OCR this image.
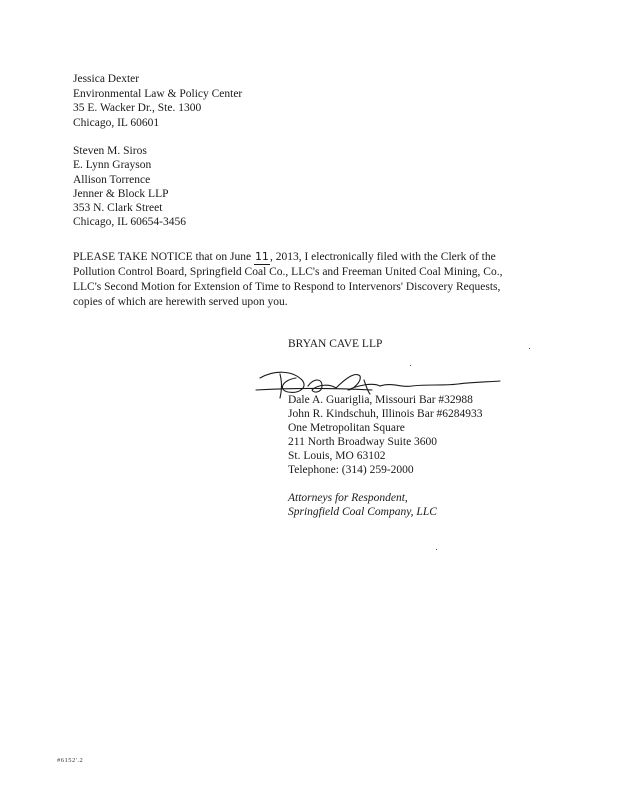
Jessica Dexter
Environmental Law & Policy Center
35 E. Wacker Dr., Ste. 1300
Chicago, IL 60601
Steven M. Siros
E. Lynn Grayson
Allison Torrence
Jenner & Block LLP
353 N. Clark Street
Chicago, IL 60654-3456
PLEASE TAKE NOTICE that on June 11, 2013, I electronically filed with the Clerk of the
Pollution Control Board, Springfield Coal Co., LLC's and Freeman United Coal Mining, Co.,
LLC's Second Motion for Extension of Time to Respond to Intervenors' Discovery Requests,
copies of which are herewith served upon you.
BRYAN CAVE LLP
Dale A. Guariglia, Missouri Bar #32988
John R. Kindschuh, Illinois Bar #6284933
One Metropolitan Square
211 North Broadway Suite 3600
St. Louis, MO 63102
Telephone: (314) 259-2000
Attorneys for Respondent,
Springfield Coal Company, LLC
#6152'.2
